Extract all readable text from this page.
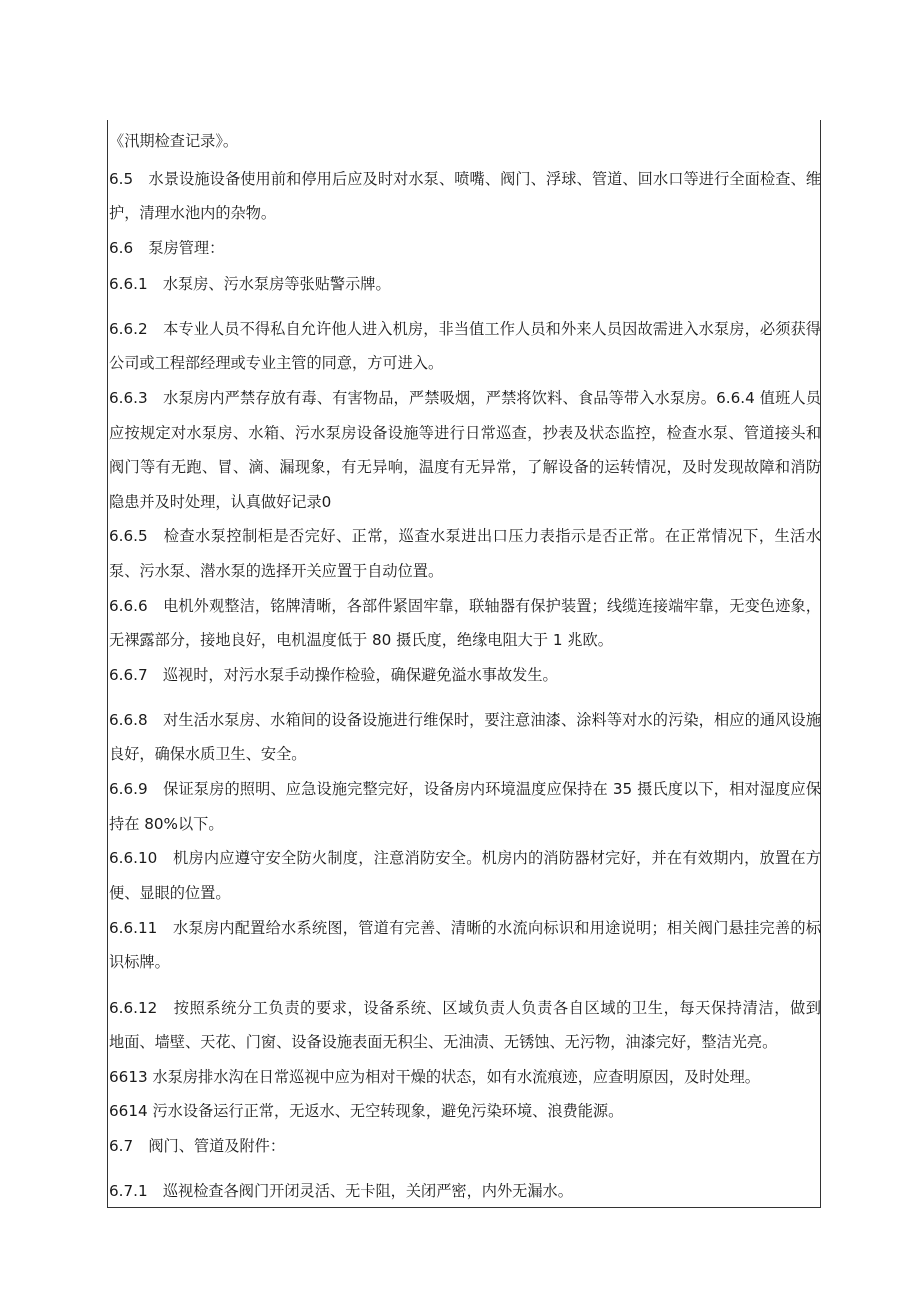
《汛期检查记录》。
6.5　水景设施设备使用前和停用后应及时对水泵、喷嘴、阀门、浮球、管道、回水口等进行全面检查、维
护，清理水池内的杂物。
6.6　泵房管理：
6.6.1　水泵房、污水泵房等张贴警示牌。
6.6.2　本专业人员不得私自允许他人进入机房，非当值工作人员和外来人员因故需进入水泵房，必须获得
公司或工程部经理或专业主管的同意，方可进入。
6.6.3　水泵房内严禁存放有毒、有害物品，严禁吸烟，严禁将饮料、食品等带入水泵房。6.6.4 值班人员
应按规定对水泵房、水箱、污水泵房设备设施等进行日常巡查，抄表及状态监控，检查水泵、管道接头和
阀门等有无跑、冒、滴、漏现象，有无异响，温度有无异常，了解设备的运转情况，及时发现故障和消防
隐患并及时处理，认真做好记录0
6.6.5　检查水泵控制柜是否完好、正常，巡查水泵进出口压力表指示是否正常。在正常情况下，生活水
泵、污水泵、潜水泵的选择开关应置于自动位置。
6.6.6　电机外观整洁，铭牌清晰，各部件紧固牢靠，联轴器有保护装置；线缆连接端牢靠，无变色迹象，
无裸露部分，接地良好，电机温度低于 80 摄氏度，绝缘电阻大于 1 兆欧。
6.6.7　巡视时，对污水泵手动操作检验，确保避免溢水事故发生。
6.6.8　对生活水泵房、水箱间的设备设施进行维保时，要注意油漆、涂料等对水的污染，相应的通风设施
良好，确保水质卫生、安全。
6.6.9　保证泵房的照明、应急设施完整完好，设备房内环境温度应保持在 35 摄氏度以下，相对湿度应保
持在 80%以下。
6.6.10　机房内应遵守安全防火制度，注意消防安全。机房内的消防器材完好，并在有效期内，放置在方
便、显眼的位置。
6.6.11　水泵房内配置给水系统图，管道有完善、清晰的水流向标识和用途说明；相关阀门悬挂完善的标
识标牌。
6.6.12　按照系统分工负责的要求，设备系统、区域负责人负责各自区域的卫生，每天保持清洁，做到
地面、墙壁、天花、门窗、设备设施表面无积尘、无油渍、无锈蚀、无污物，油漆完好，整洁光亮。
6613 水泵房排水沟在日常巡视中应为相对干燥的状态，如有水流痕迹，应查明原因，及时处理。
6614 污水设备运行正常，无返水、无空转现象，避免污染环境、浪费能源。
6.7　阀门、管道及附件：
6.7.1　巡视检查各阀门开闭灵活、无卡阻，关闭严密，内外无漏水。
